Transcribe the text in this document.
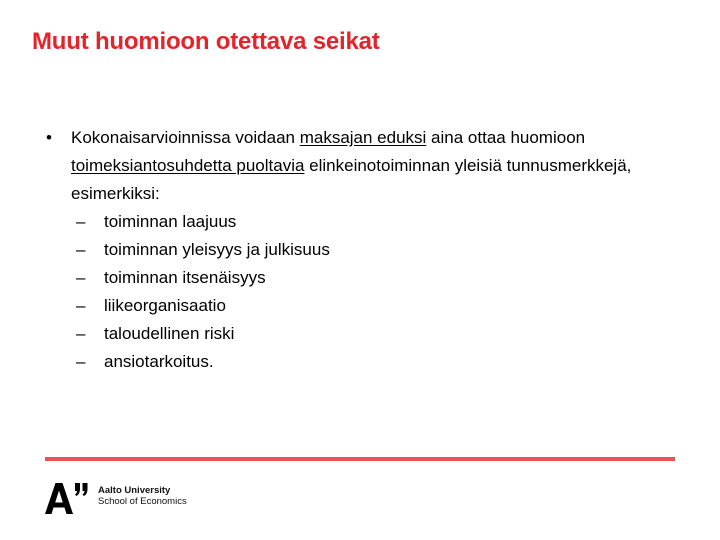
Muut huomioon otettava seikat
• Kokonaisarvioinnissa voidaan maksajan eduksi aina ottaa huomioon toimeksiantosuhdetta puoltavia elinkeinotoiminnan yleisiä tunnusmerkkejä, esimerkiksi:
– toiminnan laajuus
– toiminnan yleisyys ja julkisuus
– toiminnan itsenäisyys
– liikeorganisaatio
– taloudellinen riski
– ansiotarkoitus.
Aalto University
School of Economics
